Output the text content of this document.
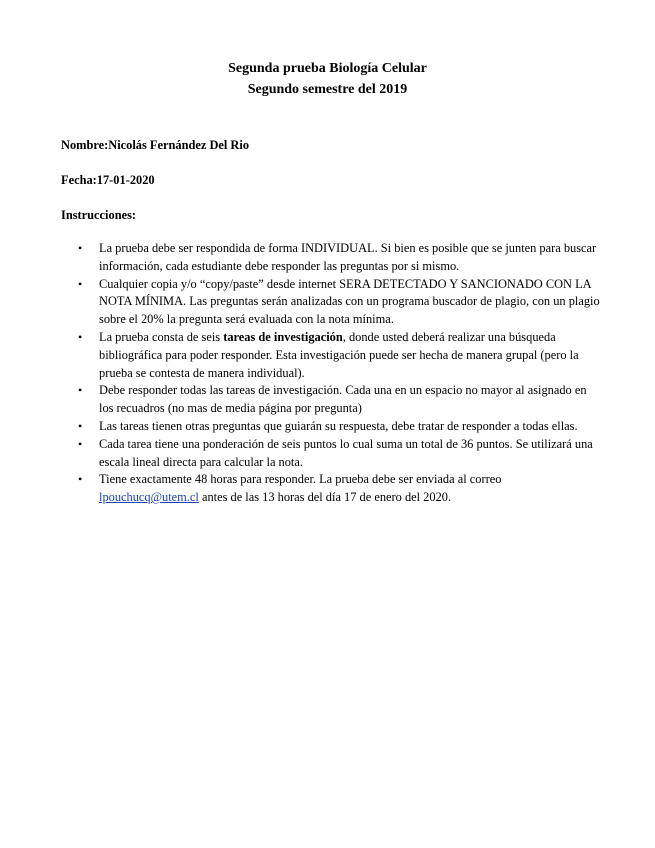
Segunda prueba Biología Celular
Segundo semestre del 2019
Nombre:Nicolás Fernández Del Rio
Fecha:17-01-2020
Instrucciones:
• La prueba debe ser respondida de forma INDIVIDUAL. Si bien es posible que se junten para buscar información, cada estudiante debe responder las preguntas por si mismo.
• Cualquier copia y/o “copy/paste” desde internet SERA DETECTADO Y SANCIONADO CON LA NOTA MÍNIMA. Las preguntas serán analizadas con un programa buscador de plagio, con un plagio sobre el 20% la pregunta será evaluada con la nota mínima.
• La prueba consta de seis tareas de investigación, donde usted deberá realizar una búsqueda bibliográfica para poder responder. Esta investigación puede ser hecha de manera grupal (pero la prueba se contesta de manera individual).
• Debe responder todas las tareas de investigación. Cada una en un espacio no mayor al asignado en los recuadros (no mas de media página por pregunta)
• Las tareas tienen otras preguntas que guiarán su respuesta, debe tratar de responder a todas ellas.
• Cada tarea tiene una ponderación de seis puntos lo cual suma un total de 36 puntos. Se utilizará una escala lineal directa para calcular la nota.
• Tiene exactamente 48 horas para responder. La prueba debe ser enviada al correo lpouchucq@utem.cl antes de las 13 horas del día 17 de enero del 2020.
